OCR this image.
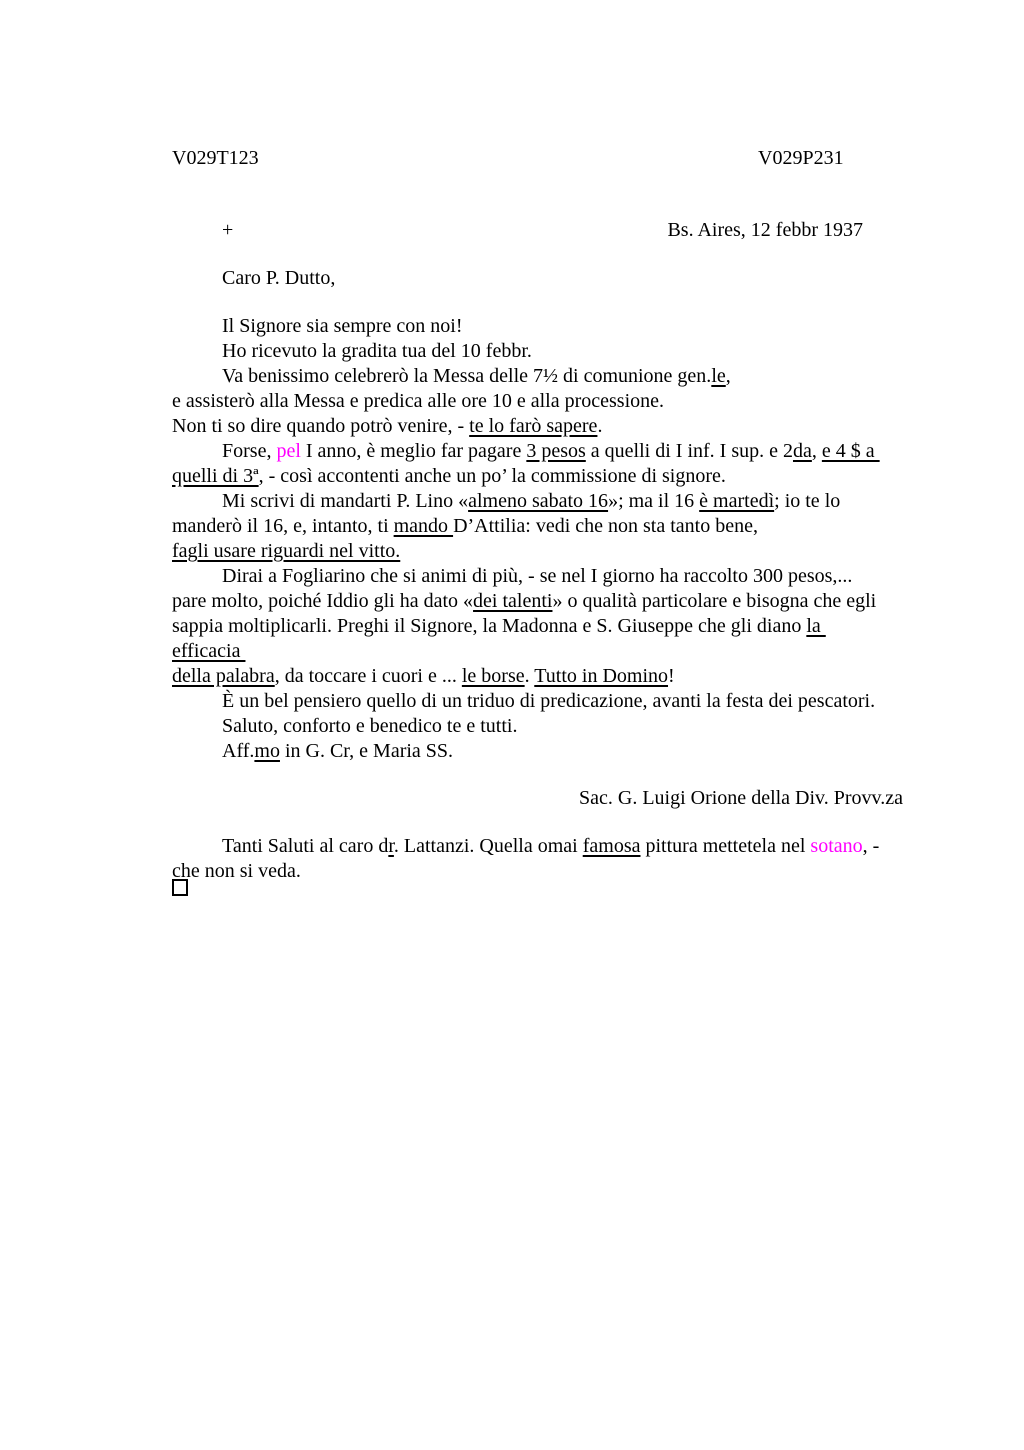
V029T123	V029P231
+	Bs. Aires, 12 febbr 1937
Caro P. Dutto,
Il Signore sia sempre con noi!
Ho ricevuto la gradita tua del 10 febbr.
Va benissimo celebrerò la Messa delle 7½ di comunione gen.le,
e assisterò alla Messa e predica alle ore 10 e alla processione.
Non ti so dire quando potrò venire, - te lo farò sapere.
Forse, pel I anno, è meglio far pagare 3 pesos a quelli di I inf. I sup. e 2da, e 4 $ a
quelli di 3ª, - così accontenti anche un po’ la commissione di signore.
Mi scrivi di mandarti P. Lino «almeno sabato 16»; ma il 16 è martedì; io te lo
manderò il 16, e, intanto, ti mando D’Attilia: vedi che non sta tanto bene,
fagli usare riguardi nel vitto.
Dirai a Fogliarino che si animi di più, - se nel I giorno ha raccolto 300 pesos,...
pare molto, poiché Iddio gli ha dato «dei talenti» o qualità particolare e bisogna che egli
sappia moltiplicarli. Preghi il Signore, la Madonna e S. Giuseppe che gli diano la
efficacia
della palabra, da toccare i cuori e ... le borse. Tutto in Domino!
È un bel pensiero quello di un triduo di predicazione, avanti la festa dei pescatori.
Saluto, conforto e benedico te e tutti.
Aff.mo in G. Cr, e Maria SS.
Sac. G. Luigi Orione della Div. Provv.za
Tanti Saluti al caro dr. Lattanzi. Quella omai famosa pittura mettetela nel sotano, -
che non si veda.
